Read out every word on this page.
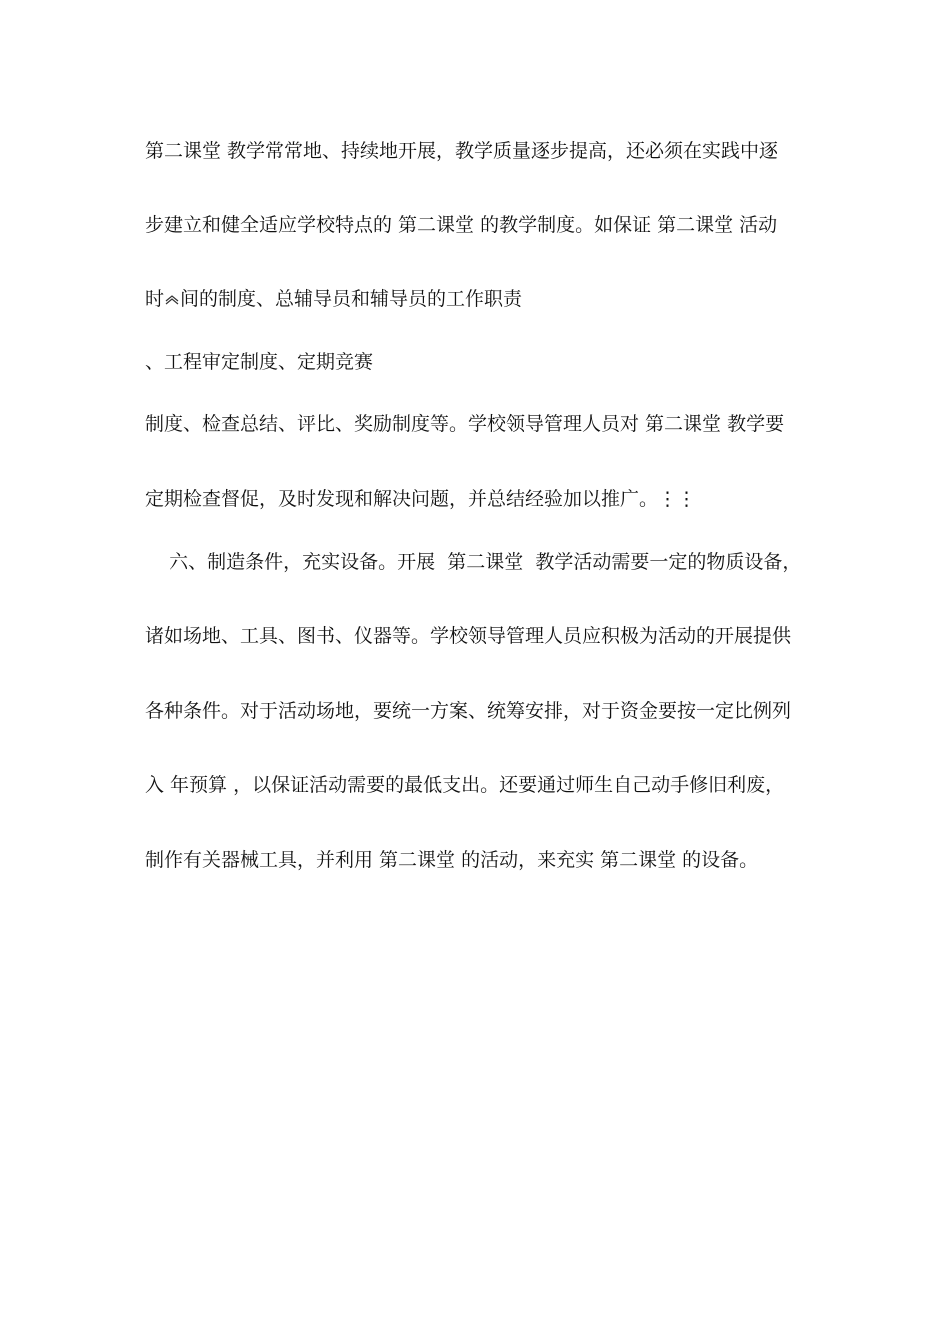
第二课堂 教学常常地、持续地开展，教学质量逐步提高，还必须在实践中逐
步建立和健全适应学校特点的 第二课堂 的教学制度。如保证 第二课堂 活动
时 间的制度、总辅导员和辅导员的工作职责
、工程审定制度、定期竞赛
制度、检查总结、评比、奖励制度等。学校领导管理人员对 第二课堂 教学要
定期检查督促，及时发现和解决问题，并总结经验加以推广。⋮⋮
六、制造条件，充实设备。开展  第二课堂  教学活动需要一定的物质设备，
诸如场地、工具、图书、仪器等。学校领导管理人员应积极为活动的开展提供
各种条件。对于活动场地，要统一方案、统筹安排，对于资金要按一定比例列
入 年预算 ，以保证活动需要的最低支出。还要通过师生自己动手修旧利废，
制作有关器械工具，并利用 第二课堂 的活动，来充实 第二课堂 的设备。
